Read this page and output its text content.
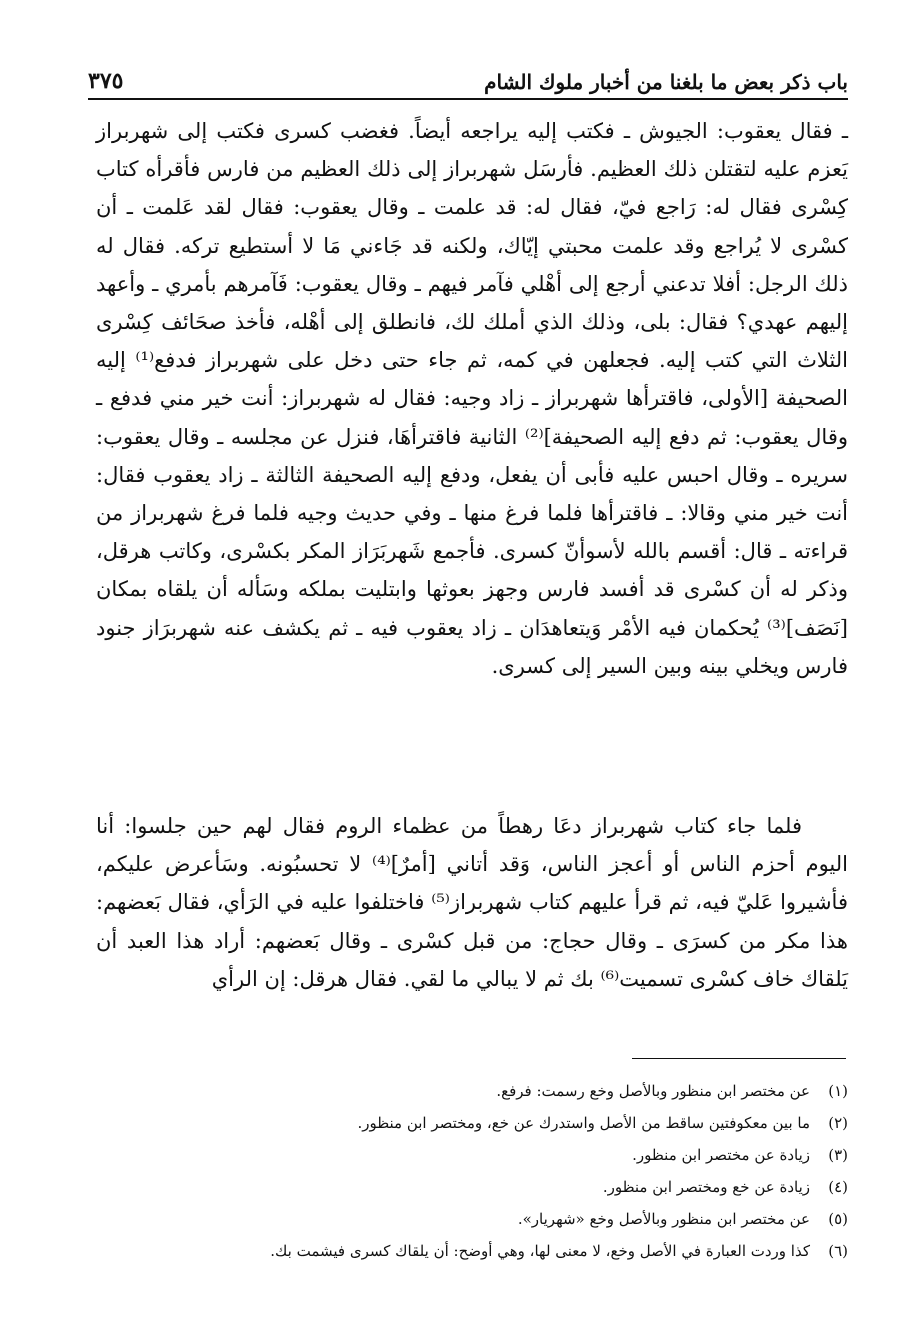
باب ذكر بعض ما بلغنا من أخبار ملوك الشام
٣٧٥

ـ فقال يعقوب: الجيوش ـ فكتب إليه يراجعه أيضاً. فغضب كسرى فكتب إلى شهربراز يَعزم عليه لتقتلن ذلك العظيم. فأرسَل شهربراز إلى ذلك العظيم من فارس فأقرأه كتاب كِسْرى فقال له: رَاجع فيّ، فقال له: قد علمت ـ وقال يعقوب: فقال لقد عَلمت ـ أن كسْرى لا يُراجع وقد علمت محبتي إيّاك، ولكنه قد جَاءني مَا لا أستطيع تركه. فقال له ذلك الرجل: أفلا تدعني أرجع إلى أهْلي فآمر فيهم ـ وقال يعقوب: فَآمرهم بأمري ـ وأعهد إليهم عهدي؟ فقال: بلى، وذلك الذي أملك لك، فانطلق إلى أهْله، فأخذ صحَائف كِسْرى الثلاث التي كتب إليه. فجعلهن في كمه، ثم جاء حتى دخل على شهربراز فدفع⁽¹⁾ إليه الصحيفة [الأولى، فاقترأها شهربراز ـ زاد وجيه: فقال له شهربراز: أنت خير مني فدفع ـ وقال يعقوب: ثم دفع إليه الصحيفة]⁽²⁾ الثانية فاقترأهَا، فنزل عن مجلسه ـ وقال يعقوب: سريره ـ وقال احبس عليه فأبى أن يفعل، ودفع إليه الصحيفة الثالثة ـ زاد يعقوب فقال: أنت خير مني وقالا: ـ فاقترأها فلما فرغ منها ـ وفي حديث وجيه فلما فرغ شهربراز من قراءته ـ قال: أقسم بالله لأسوأنّ كسرى. فأجمع شَهربَرَاز المكر بكسْرى، وكاتب هرقل، وذكر له أن كسْرى قد أفسد فارس وجهز بعوثها وابتليت بملكه وسَأله أن يلقاه بمكان [نَصَف]⁽³⁾ يُحكمان فيه الأمْر وَيتعاهدَان ـ زاد يعقوب فيه ـ ثم يكشف عنه شهربرَاز جنود فارس ويخلي بينه وبين السير إلى كسرى.

فلما جاء كتاب شهربراز دعَا رهطاً من عظماء الروم فقال لهم حين جلسوا: أنا اليوم أحزم الناس أو أعجز الناس، وَقد أتاني [أمرٌ]⁽⁴⁾ لا تحسبُونه. وسَأعرض عليكم، فأشيروا عَليّ فيه، ثم قرأ عليهم كتاب شهربراز⁽⁵⁾ فاختلفوا عليه في الرَأي، فقال بَعضهم: هذا مكر من كسرَى ـ وقال حجاج: من قبل كسْرى ـ وقال بَعضهم: أراد هذا العبد أن يَلقاك خاف كسْرى تسميت⁽⁶⁾ بك ثم لا يبالي ما لقي. فقال هرقل: إن الرأي

(١)
عن مختصر ابن منظور وبالأصل وخع رسمت: فرفع.
(٢)
ما بين معكوفتين ساقط من الأصل واستدرك عن خع، ومختصر ابن منظور.
(٣)
زيادة عن مختصر ابن منظور.
(٤)
زيادة عن خع ومختصر ابن منظور.
(٥)
عن مختصر ابن منظور وبالأصل وخع «شهريار».
(٦)
كذا وردت العبارة في الأصل وخع، لا معنى لها، وهي أوضح: أن يلقاك كسرى فيشمت بك.
